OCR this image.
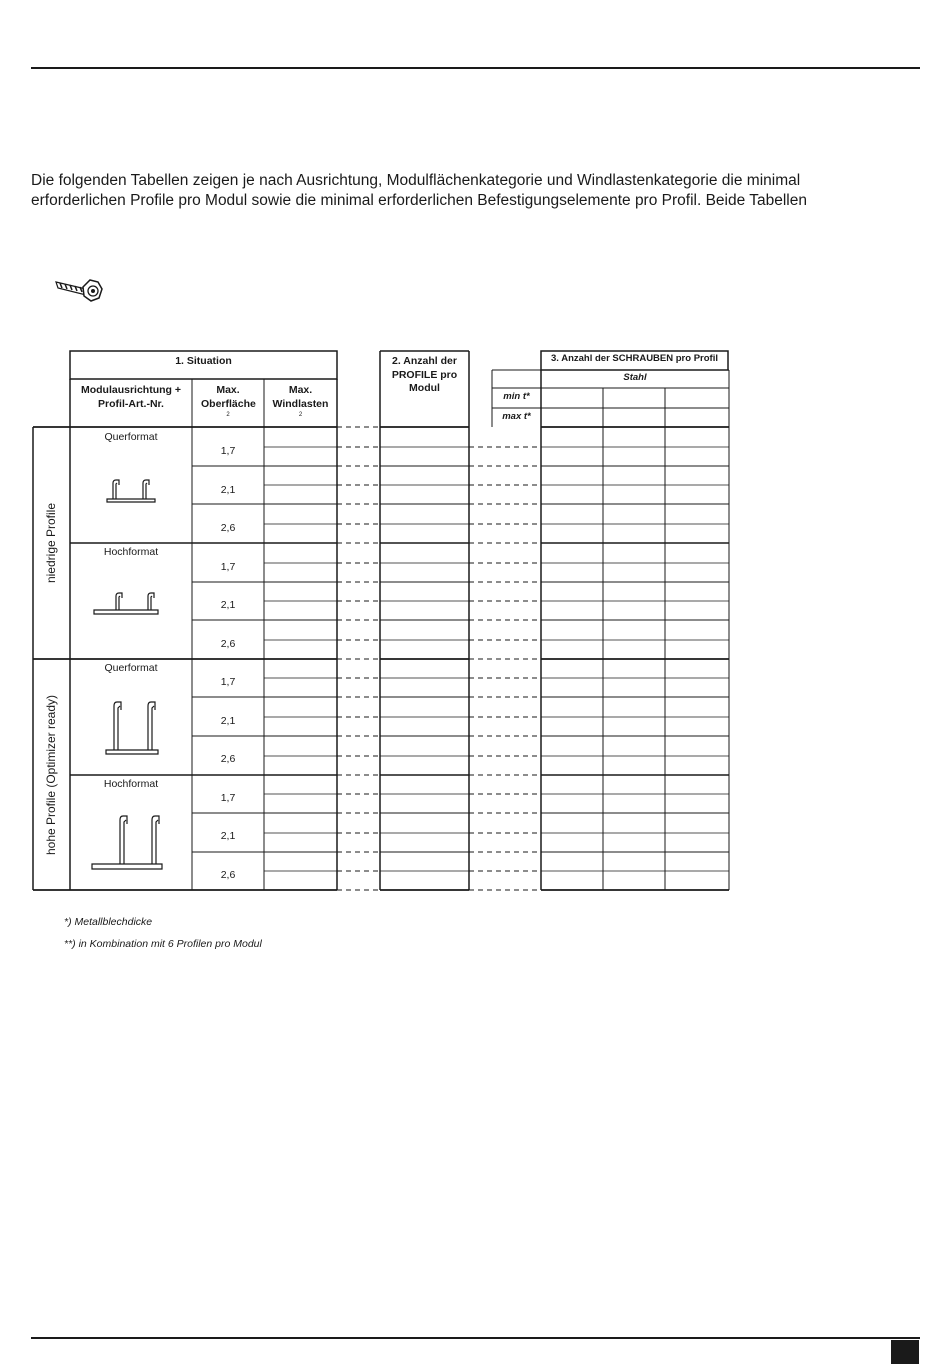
Die folgenden Tabellen zeigen je nach Ausrichtung, Modulflächenkategorie und Windlastenkategorie die minimal

erforderlichen Profile pro Modul sowie die minimal erforderlichen Befestigungselemente pro Profil. Beide Tabellen

1. Situation
Modulausrichtung + Profil-Art.-Nr.
Max. Oberfläche
2
Max. Windlasten
2
2. Anzahl der PROFILE pro Modul
3. Anzahl der SCHRAUBEN pro Profil
Stahl
min t*
max t*
niedrige Profile
hohe Profile (Optimizer ready)
Querformat
Hochformat
Querformat
Hochformat
1,7
2,1
2,6
1,7
2,1
2,6
1,7
2,1
2,6
1,7
2,1
2,6
*) Metallblechdicke
**) in Kombination mit 6 Profilen pro Modul
